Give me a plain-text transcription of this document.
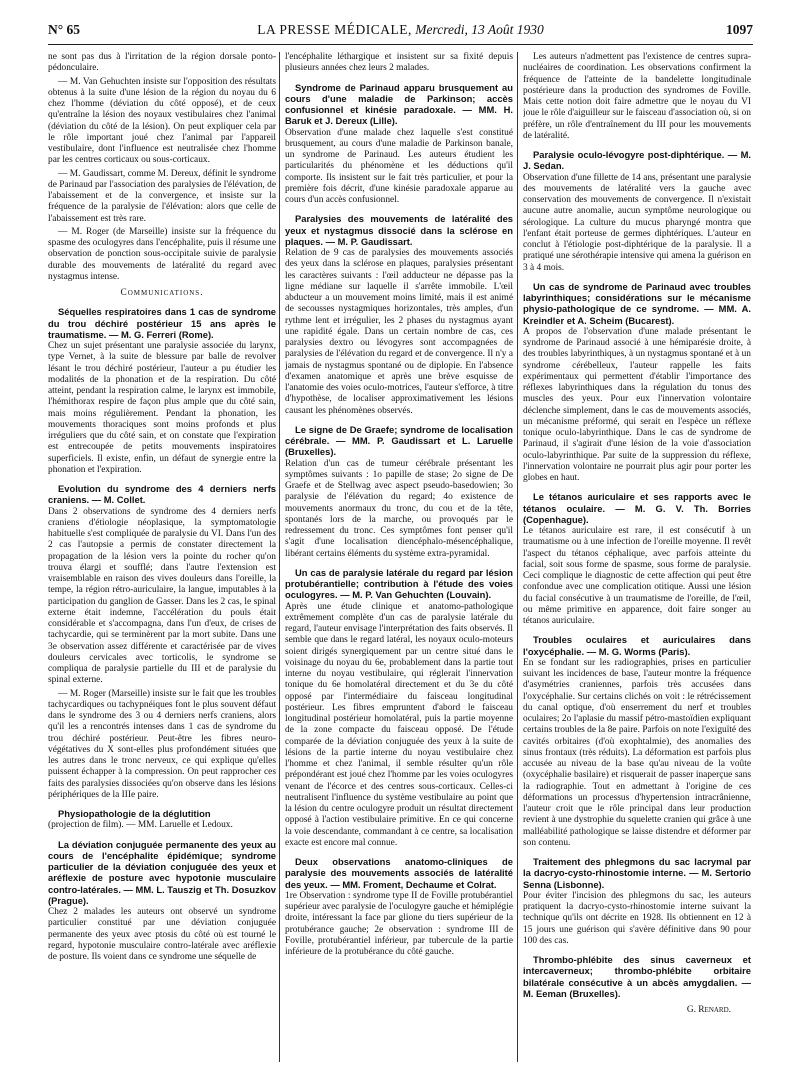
N° 65	LA PRESSE MÉDICALE, Mercredi, 13 Août 1930	1097

ne sont pas dus à l'irritation de la région dorsale ponto-pédonculaire.

— M. Van Gehuchten insiste sur l'opposition des résultats obtenus à la suite d'une lésion de la région du noyau du 6 chez l'homme (déviation du côté opposé), et de ceux qu'entraîne la lésion des noyaux vestibulaires chez l'animal (déviation du côté de la lésion). On peut expliquer cela par le rôle important joué chez l'animal par l'appareil vestibulaire, dont l'influence est neutralisée chez l'homme par les centres corticaux ou sous-corticaux.

— M. Gaudissart, comme M. Dereux, définit le syndrome de Parinaud par l'association des paralysies de l'élévation, de l'abaissement et de la convergence, et insiste sur la fréquence de la paralysie de l'élévation: alors que celle de l'abaissement est très rare.

— M. Roger (de Marseille) insiste sur la fréquence du spasme des oculogyres dans l'encéphalite, puis il résume une observation de ponction sous-occipitale suivie de paralysie durable des mouvements de latéralité du regard avec nystagmus intense.

Communications.
Séquelles respiratoires dans 1 cas de syndrome du trou déchiré postérieur 15 ans après le traumatisme. — M. G. Ferreri (Rome).

Chez un sujet présentant une paralysie associée du larynx, type Vernet, à la suite de blessure par balle de revolver lésant le trou déchiré postérieur, l'auteur a pu étudier les modalités de la phonation et de la respiration. Du côté atteint, pendant la respiration calme, le larynx est immobile, l'hémithorax respire de façon plus ample que du côté sain, mais moins régulièrement. Pendant la phonation, les mouvements thoraciques sont moins profonds et plus irréguliers que du côté sain, et on constate que l'expiration est entrecoupée de petits mouvements inspiratoires superficiels. Il existe, enfin, un défaut de synergie entre la phonation et l'expiration.

Evolution du syndrome des 4 derniers nerfs craniens. — M. Collet.

Dans 2 observations de syndrome des 4 derniers nerfs craniens d'étiologie néoplasique, la symptomatologie habituelle s'est compliquée de paralysie du VI. Dans l'un des 2 cas l'autopsie a permis de constater directement la propagation de la lésion vers la pointe du rocher qu'on trouva élargi et soufflé; dans l'autre l'extension est vraisemblable en raison des vives douleurs dans l'oreille, la tempe, la région rétro-auriculaire, la langue, imputables à la participation du ganglion de Gasser. Dans les 2 cas, le spinal externe était indemne, l'accélération du pouls était considérable et s'accompagna, dans l'un d'eux, de crises de tachycardie, qui se terminèrent par la mort subite. Dans une 3e observation assez différente et caractérisée par de vives douleurs cervicales avec torticolis, le syndrome se compliqua de paralysie partielle du III et de paralysie du spinal externe.

— M. Roger (Marseille) insiste sur le fait que les troubles tachycardiques ou tachypnéiques font le plus souvent défaut dans le syndrome des 3 ou 4 derniers nerfs craniens, alors qu'il les a rencontrés intenses dans 1 cas de syndrome du trou déchiré postérieur. Peut-être les fibres neuro-végétatives du X sont-elles plus profondément situées que les autres dans le tronc nerveux, ce qui explique qu'elles puissent échapper à la compression. On peut rapprocher ces faits des paralysies dissociées qu'on observe dans les lésions périphériques de la IIIe paire.

Physiopathologie de la déglutition

(projection de film). — MM. Laruelle et Ledoux.

La déviation conjuguée permanente des yeux au cours de l'encéphalite épidémique; syndrome particulier de la déviation conjuguée des yeux et aréflexie de posture avec hypotonie musculaire contro-latérales. — MM. L. Tauszig et Th. Dosuzkov (Prague).

Chez 2 malades les auteurs ont observé un syndrome particulier constitué par une déviation conjuguée permanente des yeux avec ptosis du côté où est tourné le regard, hypotonie musculaire contro-latérale avec aréflexie de posture. Ils voient dans ce syndrome une séquelle de

l'encéphalite léthargique et insistent sur sa fixité depuis plusieurs années chez leurs 2 malades.

Syndrome de Parinaud apparu brusquement au cours d'une maladie de Parkinson; accès confusionnel et kinésie paradoxale. — MM. H. Baruk et J. Dereux (Lille).

Observation d'une malade chez laquelle s'est constitué brusquement, au cours d'une maladie de Parkinson banale, un syndrome de Parinaud. Les auteurs étudient les particularités du phénomène et les déductions qu'il comporte. Ils insistent sur le fait très particulier, et pour la première fois décrit, d'une kinésie paradoxale apparue au cours d'un accès confusionnel.

Paralysies des mouvements de latéralité des yeux et nystagmus dissocié dans la sclérose en plaques. — M. P. Gaudissart.

Relation de 9 cas de paralysies des mouvements associés des yeux dans la sclérose en plaques, paralysies présentant les caractères suivants : l'œil adducteur ne dépasse pas la ligne médiane sur laquelle il s'arrête immobile. L'œil abducteur a un mouvement moins limité, mais il est animé de secousses nystagmiques horizontales, très amples, d'un rythme lent et irrégulier, les 2 phases du nystagmus ayant une rapidité égale. Dans un certain nombre de cas, ces paralysies dextro ou lévogyres sont accompagnées de paralysies de l'élévation du regard et de convergence. Il n'y a jamais de nystagmus spontané ou de diplopie. En l'absence d'examen anatomique et après une brève esquisse de l'anatomie des voies oculo-motrices, l'auteur s'efforce, à titre d'hypothèse, de localiser approximativement les lésions causant les phénomènes observés.

Le signe de De Graefe; syndrome de localisation cérébrale. — MM. P. Gaudissart et L. Laruelle (Bruxelles).

Relation d'un cas de tumeur cérébrale présentant les symptômes suivants : 1o papille de stase; 2o signe de De Graefe et de Stellwag avec aspect pseudo-basedowien; 3o paralysie de l'élévation du regard; 4o existence de mouvements anormaux du tronc, du cou et de la tête, spontanés lors de la marche, ou provoqués par le redressement du tronc. Ces symptômes font penser qu'il s'agit d'une localisation diencéphalo-mésencéphalique, libérant certains éléments du système extra-pyramidal.

Un cas de paralysie latérale du regard par lésion protubérantielle; contribution à l'étude des voies oculogyres. — M. P. Van Gehuchten (Louvain).

Après une étude clinique et anatomo-pathologique extrêmement complète d'un cas de paralysie latérale du regard, l'auteur envisage l'interprétation des faits observés. Il semble que dans le regard latéral, les noyaux oculo-moteurs soient dirigés synergiquement par un centre situé dans le voisinage du noyau du 6e, probablement dans la partie tout interne du noyau vestibulaire, qui réglerait l'innervation tonique du 6e homolatéral directement et du 3e du côté opposé par l'intermédiaire du faisceau longitudinal postérieur. Les fibres empruntent d'abord le faisceau longitudinal postérieur homolatéral, puis la partie moyenne de la zone compacte du faisceau opposé. De l'étude comparée de la déviation conjuguée des yeux à la suite de lésions de la partie interne du noyau vestibulaire chez l'homme et chez l'animal, il semble résulter qu'un rôle prépondérant est joué chez l'homme par les voies oculogyres venant de l'écorce et des centres sous-corticaux. Celles-ci neutralisent l'influence du système vestibulaire au point que la lésion du centre oculogyre produit un résultat directement opposé à l'action vestibulaire primitive. En ce qui concerne la voie descendante, commandant à ce centre, sa localisation exacte est encore mal connue.

Deux observations anatomo-cliniques de paralysie des mouvements associés de latéralité des yeux. — MM. Froment, Dechaume et Colrat.

1re Observation : syndrome type II de Foville protubérantiel supérieur avec paralysie de l'oculogyre gauche et hémiplégie droite, intéressant la face par glione du tiers supérieur de la protubérance gauche; 2e observation : syndrome III de Foville, protubérantiel inférieur, par tubercule de la partie inférieure de la protubérance du côté gauche.

Les auteurs n'admettent pas l'existence de centres supra-nucléaires de coordination. Les observations confirment la fréquence de l'atteinte de la bandelette longitudinale postérieure dans la production des syndromes de Foville. Mais cette notion doit faire admettre que le noyau du VI joue le rôle d'aiguilleur sur le faisceau d'association où, si on préfère, un rôle d'entraînement du III pour les mouvements de latéralité.

Paralysie oculo-lévogyre post-diphtérique. — M. J. Sedan.

Observation d'une fillette de 14 ans, présentant une paralysie des mouvements de latéralité vers la gauche avec conservation des mouvements de convergence. Il n'existait aucune autre anomalie, aucun symptôme neurologique ou sérologique. La culture du mucus pharyngé montra que l'enfant était porteuse de germes diphtériques. L'auteur en conclut à l'étiologie post-diphtérique de la paralysie. Il a pratiqué une sérothérapie intensive qui amena la guérison en 3 à 4 mois.

Un cas de syndrome de Parinaud avec troubles labyrinthiques; considérations sur le mécanisme physio-pathologique de ce syndrome. — MM. A. Kreindler et A. Scheim (Bucarest).

A propos de l'observation d'une malade présentant le syndrome de Parinaud associé à une hémiparésie droite, à des troubles labyrinthiques, à un nystagmus spontané et à un syndrome cérébelleux, l'auteur rappelle les faits expérimentaux qui permettent d'établir l'importance des réflexes labyrinthiques dans la régulation du tonus des muscles des yeux. Pour eux l'innervation volontaire déclenche simplement, dans le cas de mouvements associés, un mécanisme préformé, qui serait en l'espèce un réflexe tonique oculo-labyrinthique. Dans le cas de syndrome de Parinaud, il s'agirait d'une lésion de la voie d'association oculo-labyrinthique. Par suite de la suppression du réflexe, l'innervation volontaire ne pourrait plus agir pour porter les globes en haut.

Le tétanos auriculaire et ses rapports avec le tétanos oculaire. — M. G. V. Th. Borries (Copenhague).

Le tétanos auriculaire est rare, il est consécutif à un traumatisme ou à une infection de l'oreille moyenne. Il revêt l'aspect du tétanos céphalique, avec parfois atteinte du facial, soit sous forme de spasme, sous forme de paralysie. Ceci complique le diagnostic de cette affection qui peut être confondue avec une complication otitique. Aussi une lésion du facial consécutive à un traumatisme de l'oreille, de l'œil, ou même primitive en apparence, doit faire songer au tétanos auriculaire.

Troubles oculaires et auriculaires dans l'oxycéphalie. — M. G. Worms (Paris).

En se fondant sur les radiographies, prises en particulier suivant les incidences de base, l'auteur montre la fréquence d'asymétries craniennes, parfois très accusées dans l'oxycéphalie. Sur certains clichés on voit : le rétrécissement du canal optique, d'où enserrement du nerf et troubles oculaires; 2o l'aplasie du massif pétro-mastoïdien expliquant certains troubles de la 8e paire. Parfois on note l'exiguïté des cavités orbitaires (d'où exophtalmie), des anomalies des sinus frontaux (très réduits). La déformation est parfois plus accusée au niveau de la base qu'au niveau de la voûte (oxycéphalie basilaire) et risquerait de passer inaperçue sans la radiographie. Tout en admettant à l'origine de ces déformations un processus d'hypertension intracrânienne, l'auteur croit que le rôle principal dans leur production revient à une dystrophie du squelette cranien qui grâce à une malléabilité pathologique se laisse distendre et déformer par son contenu.

Traitement des phlegmons du sac lacrymal par la dacryo-cysto-rhinostomie interne. — M. Sertorio Senna (Lisbonne).

Pour éviter l'incision des phlegmons du sac, les auteurs pratiquent la dacryo-cysto-rhinostomie interne suivant la technique qu'ils ont décrite en 1928. Ils obtiennent en 12 à 15 jours une guérison qui s'avère définitive dans 90 pour 100 des cas.

Thrombo-phlébite des sinus caverneux et intercaverneux; thrombo-phlébite orbitaire bilatérale consécutive à un abcès amygdalien. — M. Eeman (Bruxelles).
G. Renard.
